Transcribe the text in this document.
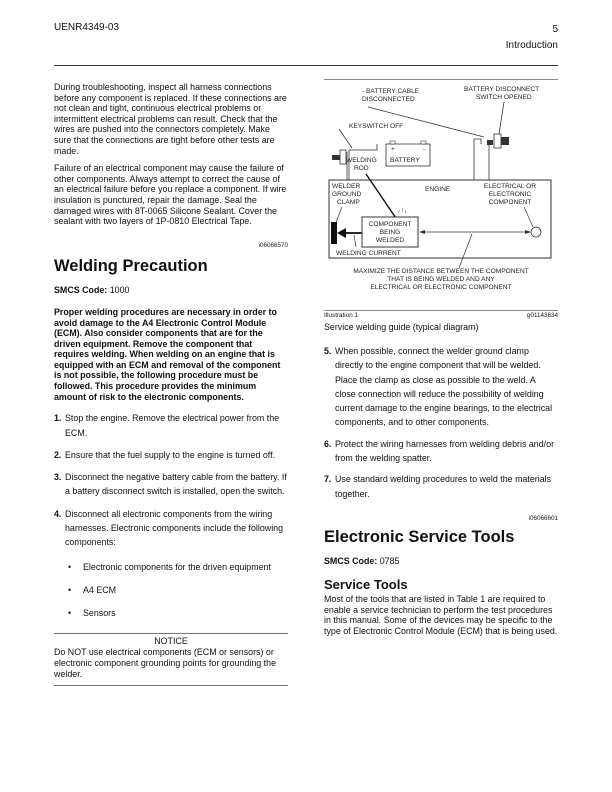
UENR4349-03	5
Introduction

During troubleshooting, inspect all harness connections before any component is replaced. If these connections are not clean and tight, continuous electrical problems or intermittent electrical problems can result. Check that the wires are pushed into the connectors completely. Make sure that the connections are tight before other tests are made.

Failure of an electrical component may cause the failure of other components. Always attempt to correct the cause of an electrical failure before you replace a component. If wire insulation is punctured, repair the damage. Seal the damaged wires with 8T-0065 Silicone Sealant. Cover the sealant with two layers of 1P-0810 Electrical Tape.

i06066570
Welding Precaution
SMCS Code: 1000

Proper welding procedures are necessary in order to avoid damage to the A4 Electronic Control Module (ECM). Also consider components that are for the driven equipment. Remove the component that requires welding. When welding on an engine that is equipped with an ECM and removal of the component is not possible, the following procedure must be followed. This procedure provides the minimum amount of risk to the electronic components.

1. Stop the engine. Remove the electrical power from the ECM.
2. Ensure that the fuel supply to the engine is turned off.
3. Disconnect the negative battery cable from the battery. If a battery disconnect switch is installed, open the switch.
4. Disconnect all electronic components from the wiring harnesses. Electronic components include the following components:
• Electronic components for the driven equipment
• A4 ECM
• Sensors
NOTICE
Do NOT use electrical components (ECM or sensors) or electronic component grounding points for grounding the welder.
+	-
BATTERY
- BATTERY CABLE
DISCONNECTED
BATTERY DISCONNECT
SWITCH OPENED
KEYSWITCH OFF
WELDING
ROD
WELDER
GROUND
CLAMP
ENGINE	ELECTRICAL OR
ELECTRONIC
COMPONENT
COMPONENT
BEING
WELDED
WELDING CURRENT
MAXIMIZE THE DISTANCE BETWEEN THE COMPONENT
THAT IS BEING WELDED AND ANY
ELECTRICAL OR ELECTRONIC COMPONENT
Illustration 1	g01143634
Service welding guide (typical diagram)
5. When possible, connect the welder ground clamp directly to the engine component that will be welded. Place the clamp as close as possible to the weld. A close connection will reduce the possibility of welding current damage to the engine bearings, to the electrical components, and to other components.
6. Protect the wiring harnesses from welding debris and/or from the welding spatter.
7. Use standard welding procedures to weld the materials together.
i06066601
Electronic Service Tools
SMCS Code: 0785
Service Tools

Most of the tools that are listed in Table 1 are required to enable a service technician to perform the test procedures in this manual. Some of the devices may be specific to the type of Electronic Control Module (ECM) that is being used.
